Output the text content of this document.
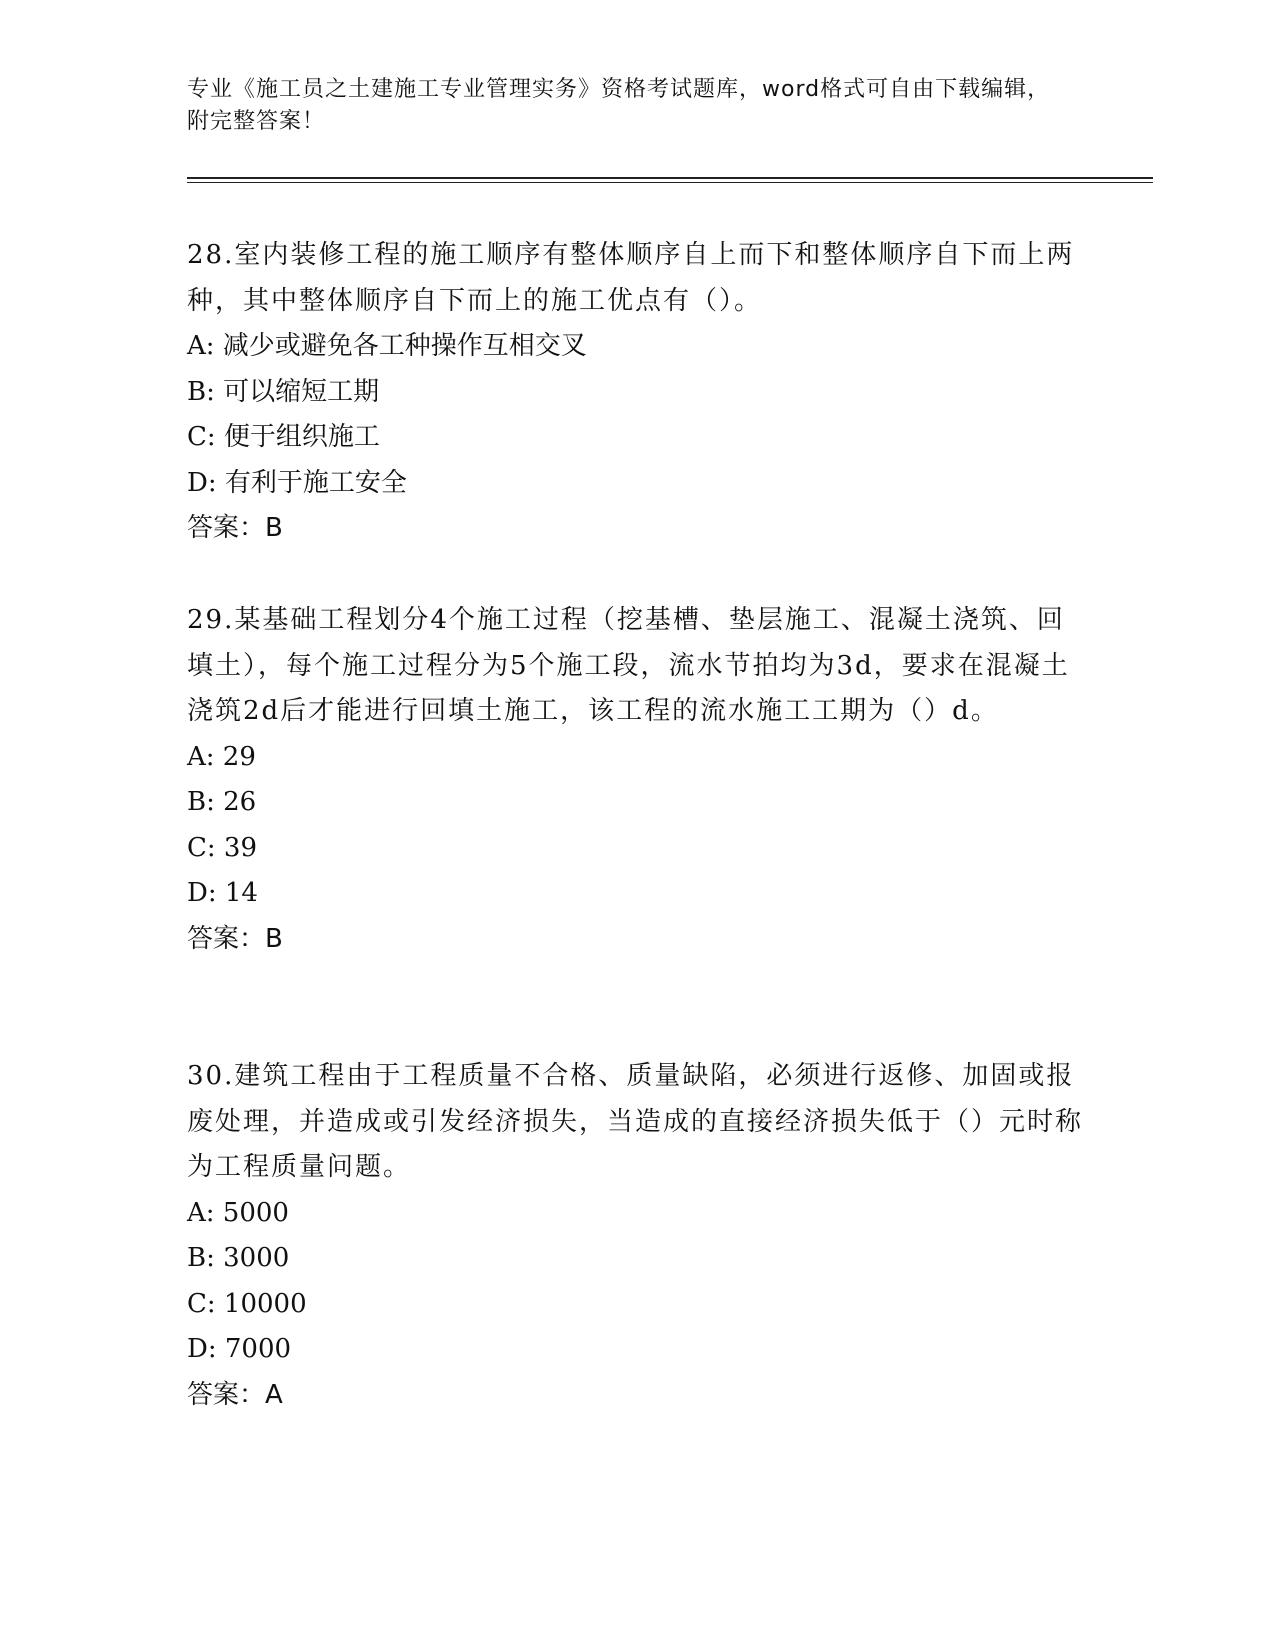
专业《施工员之土建施工专业管理实务》资格考试题库，word格式可自由下载编辑，附完整答案！
28.室内装修工程的施工顺序有整体顺序自上而下和整体顺序自下而上两种，其中整体顺序自下而上的施工优点有（）。
A: 减少或避免各工种操作互相交叉
B: 可以缩短工期
C: 便于组织施工
D: 有利于施工安全
答案：B
29.某基础工程划分4个施工过程（挖基槽、垫层施工、混凝土浇筑、回填土），每个施工过程分为5个施工段，流水节拍均为3d，要求在混凝土浇筑2d后才能进行回填土施工，该工程的流水施工工期为（）d。
A: 29
B: 26
C: 39
D: 14
答案：B
30.建筑工程由于工程质量不合格、质量缺陷，必须进行返修、加固或报废处理，并造成或引发经济损失，当造成的直接经济损失低于（）元时称为工程质量问题。
A: 5000
B: 3000
C: 10000
D: 7000
答案：A
